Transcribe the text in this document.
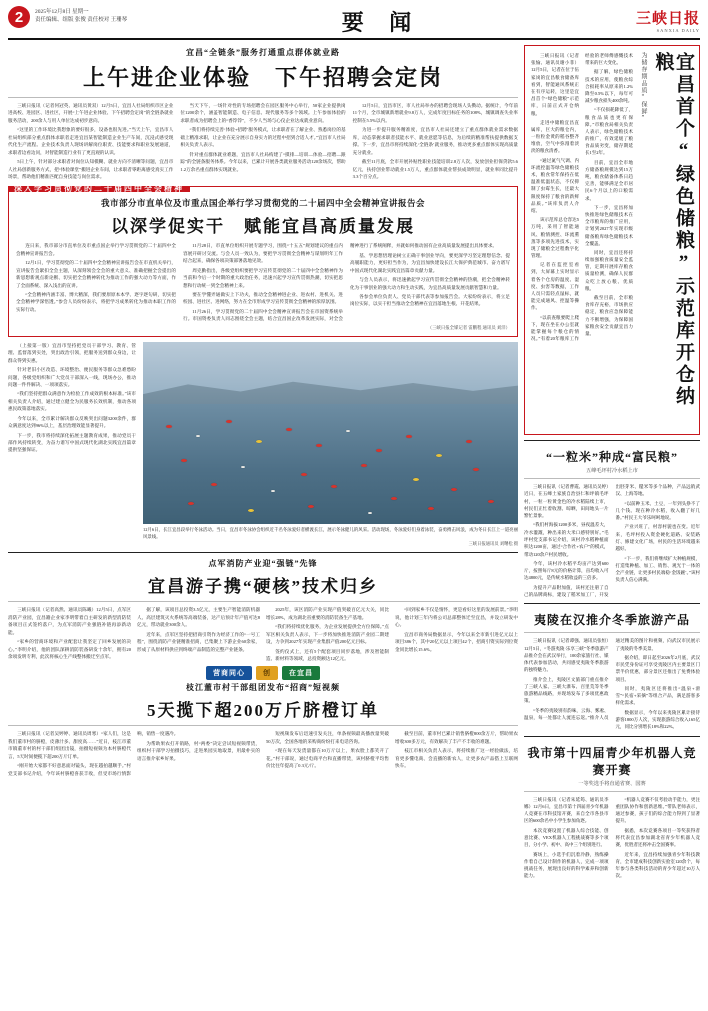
2	2025年12月8日 星期一
责任编辑、组版 张俊 责任校对 王珊琴	要 闻	三峡日报
SANXIA DAILY
宜昌“全链条”服务打通重点群体就业路
上午进企业体验　下午招聘会定岗

三峡日报讯（记者何冠英、通讯员黄双）12月5日，宜昌人社局组织市区企业进高校、进园区、进社区，开展“上午进企业体验、下午招聘会定岗”的全链条就业服务活动，200余人与用人单位达成初步意向。

“这里的工作环境比我想象的要好很多，设备也很先进。”当天上午，宜昌市人社局组织部分重点群体求职者走进宜昌某智能制造企业生产车间，沉浸式感受现代化生产流程。企业技术负责人现场讲解岗位职责、技能要求和职业发展通道，求职者边看边问，对智能制造行业有了更直观的认识。

5日上午，针对部分求职者对岗位认知模糊、就业方向不清晰等问题，宜昌市人社局创新服务方式，把“体验课堂”搬进企业车间，让求职者零距离感受真实工作场景，帮助他们精准匹配自身技能与岗位需求。

当天下午，一场针对性的专场招聘会在园区服务中心举行，50家企业提供岗位1200余个，涵盖智能制造、电子信息、现代服务等多个领域。上午参加体验的求职者成为招聘会上的“香饽饽”，不少人当场与心仪企业达成就业意向。

“我们将持续完善‘体验+招聘’服务模式，让求职者在了解企业、熟悉岗位的基础上精准求职，让企业在充分展示自身实力的过程中招到合适人才。”宜昌市人社局相关负责人表示。

针对重点群体就业难题，宜昌市人社局构建了“摸排—培训—体验—招聘—跟踪”的全链条服务体系。今年以来，已累计开展各类就业服务活动120余场次，帮助1.2万余名重点群体实现就业。

12月5日，宜昌市区，市人社局举办的招聘会现场人头攒动。据统计，今年前11个月，全市城镇新增就业9.8万人，完成年度目标任务的108%，城镇调查失业率控制在5.5%以内。

为进一步提升服务精准度，宜昌市人社局还建立了重点群体就业需求数据库，动态掌握求职者技能水平、就业意愿等信息，为后续的精准帮扶提供数据支撑。下一步，宜昌市将持续深化‘全链条’就业服务，推动更多重点群体实现高质量充分就业。

截至11月底，全市开展补贴性职业技能培训2.8万人次，发放创业担保贷款5.6亿元，扶持创业带动就业1.5万人，重点群体就业帮扶成效明显，就业率同比提升3.3个百分点。

深入学习贯彻党的二十届四中全会精神
我市部分市直单位及市重点国企举行学习贯彻党的二十届四中全会精神宣讲报告会
以深学促实干　赋能宜昌高质量发展

连日来，我市部分市直单位及市重点国企举行学习贯彻党的二十届四中全会精神宣讲报告会。

12月1日，学习贯彻党的二十届四中全会精神宣讲报告会在市直机关举行，宣讲报告会紧扣全会主题，从深刻领会全会的重大意义、准确把握全会提出的新思想新观点新论断、切实把全会精神转化为推动工作的强大动力等方面，作了全面系统、深入浅出的宣讲。

“全会精神内涵丰富、博大精深，我们要原原本本学、逐字逐句研，切实把全会精神学深悟透。”参会人员纷纷表示，将把学习成果转化为推动本职工作的实际行动。

11月28日，市直单位组织开展专题学习，围绕“十五五”规划建议的重点内容展开研讨交流。与会人员一致认为，要把学习贯彻全会精神与谋划明年工作结合起来，确保各项决策部署落地见效。

周克勤指出，各级党组织要把学习宣传贯彻党的二十届四中全会精神作为当前和今后一个时期的重大政治任务，迅速兴起学习宣传贯彻热潮，切实把思想和行动统一到全会精神上来。

要在学懂弄通做实上下功夫，推动全会精神进企业、进农村、进机关、进校园、进社区、进网络，努力在全市形成学习宣传贯彻全会精神的浓厚氛围。

11月26日，学习贯彻党的二十届四中全会精神宣讲报告会在市国资系统举行。市国资委负责人同志围绕全会主题，结合宜昌国企改革发展实际，对全会精神进行了系统阐释，并就如何推动国有企业高质量发展提出具体要求。

基、学思想悟理论树立正确干事创业导向，要更深学习坚定理想信念、提高履职能力，更好担当作为，为宜昌加快建设长江大保护典范城市、奋力谱写中国式现代化湖北实践宜昌篇章贡献力量。

与会人员表示，将迅速掀起学习宣传贯彻全会精神的热潮，把全会精神转化为干事创业的强大动力和生动实践，为宜昌高质量发展贡献智慧和力量。

各参会单位负责人、党员干部代表等参加报告会。大家纷纷表示，将立足岗位实际，以实干担当推动全会精神在宜昌落地生根、开花结果。

（三峡日报全媒记者 雷鹏程 通讯员 刘洋）

（上接第一版）宜昌市坚持把党员干部学习、教育、管理、监督落到实处，突出政治引领，把服务送到群众身边，让群众得到实惠。

针对老旧小区改造、环境整治、便民服务等群众急难愁盼问题，各级党组织和广大党员干部深入一线，现场办公，推动问题一件件解决、一项项落实。

“我们坚持把群众满意作为检验工作成效的根本标准。”该市相关负责人介绍，通过建立健全为民服务长效机制，推动各项惠民政策落地落实。

今年以来，全市累计解决群众反映突出问题3200余件，群众满意度达到96%以上，基层治理效能显著提升。

下一步，我市将持续深化拓展主题教育成果，推动党员干部作风持续转变，为奋力谱写中国式现代化湖北实践宜昌篇章提供坚强保证。

12月6日，长江宜昌段举行冬泳活动。当日，宜昌市冬泳协会组织近千名冬泳爱好者横渡长江，展示冬泳健儿的风采。活动现场，冬泳爱好们身着泳装，奋勇搏击风浪，成为冬日长江上一道亮丽风景线。
三峡日报通讯员 刘曙松 摄
点军消防产业迎“强链”先锋
宜昌游子携“硬核”技术归乡

三峡日报讯（记者高然、通讯员陈曦）12月5日，点军区消防产业园，宜昌籍企业家李明带着自主研发的新型消防装备项目正式签约落户，为点军消防产业强链补链再添新动能。

“家乡的营商环境和产业配套让我坚定了回乡发展的决心。”李明介绍，他的团队深耕消防装备研发十余年，拥有20余项发明专利，此次将核心生产线整体搬迁至点军。

据了解，该项目总投资3.5亿元，主要生产智能消防机器人、高层建筑灭火系统等高端装备，达产后预计年产值可达8亿元，带动就业300余人。

近年来，点军区坚持把招商引资作为经济工作的“一号工程”，围绕消防产业链精准招商，已集聚上下游企业60余家，形成了从原材料供应到终端产品制造的完整产业链条。

2025年，该区消防产业实现产值突破百亿元大关，同比增长28%，成为湖北省重要的消防装备生产基地。

“我们将持续优化服务，为企业发展提供全方位保障。”点军区相关负责人表示，下一步将加快推进消防产业园二期建设，力争到2027年实现产业集群产值200亿元目标。

签约仪式上，还有5个配套项目同步落地，涉及智能制造、新材料等领域，总投资额达12亿元。

“回到家乡不仅是情怀，更是看好这里的发展前景。”李明说，他计划三年内将公司总部整体迁至宜昌，并设立研发中心。

宜昌市商务局数据显示，今年以来全市新引进亿元以上项目386个，其中20亿元以上项目42个，招商引资实际到位资金同比增长15.6%。

营商同心	创	在宜昌
枝江董市村干部组团发布“招商”短视频
5天揽下超200万斤脐橙订单

三峡日报讯（记者吴婷婷、通讯员周寒）“家人们，这是我们董市村的脐橙，皮薄汁多、甜度高……”近日，枝江市董市镇董市村的村干部们组团出镜，拍摄短视频为本村脐橙代言，5天时间便揽下超200万斤订单。

“刚开始大家都不好意思面对镜头，现在越拍越顺手。”村党支部书记介绍，今年该村脐橙喜获丰收，但受市场行情影响，销售一度遇冷。

为帮助果农打开销路，村“两委”决定尝试短视频带货，组织村干部学习拍摄技巧，走进果园实地取景，用最朴实的语言推介家乡好果。

短视频发布后迅速引发关注，单条视频最高播放量突破50万次，全国各地的采购商纷纷打来电话咨询。

“现在每天发货量都在10万斤以上，果农脸上都笑开了花。”村干部说，通过电商平台和直播带货，该村脐橙平均售价比往年提高了0.3元/斤。

截至目前，董市村已累计销售脐橙800余万斤，帮助果农增收300多万元，有效解决了丰产不丰收的难题。

枝江市相关负责人表示，将持续推广这一经验做法，培育更多懂电商、会直播的新农人，让更多农产品搭上互联网快车。

宜昌首个“绿色储粮”示范库开仓纳粮
为储存期品质“保鲜”

三峡日报讯（记者张愉、通讯员谢小菲）12月5日，记者在位于伍家岗的宜昌粮食储备库看到，智能通风系统正在有序运转，这里是宜昌首个“绿色储粮”示范库，日前正式开仓纳粮。

走进中储粮宜昌直属库，巨大的粮仓内，一粒粒金黄的稻谷整齐堆放，空气中弥漫着淡淡的粮食清香。

“通过氮气气调、内环流控温等绿色储粮技术，粮食常年保持在低温准低温状态，不仅抑制了虫霉生长，还最大限度保持了粮食的新鲜品质。”该库负责人介绍。

该示范库总仓容达5万吨，采用了智能通风、粮情测控、环流熏蒸等多项先进技术，实现了储粮全过程数字化管理。

记者在监控室看到，大屏幕上实时显示着各个仓房的温度、湿度、虫害等数据，工作人员只需轻点鼠标，就能完成通风、控温等操作。

“以前查粮要爬上爬下，现在坐在办公室就能掌握每个粮仓的情况。”有着20年粮库工作经验的老师傅感慨技术带来的巨大变化。

据了解，绿色储粮技术的应用，使粮食综合损耗率从原来的1.2%降至0.5%以下，每年可减少粮食损失400余吨。

“不仅损耗降低了，粮食品质也更有保障。”市粮食局相关负责人表示，绿色储粮技术的推广，有效延缓了粮食品质劣变，储存期延长1至2年。

目前，宜昌全市地方储备粮规模达到15万吨，粮食储备体系日趋完善，能够满足全市居民6个月以上的口粮需求。

下一步，宜昌将加快推进绿色储粮技术在全市粮库的推广应用，计划到2027年实现市级储备粮库绿色储粮技术全覆盖。

同时，宜昌还将持续加强粮食质量安全监管，定期开展库存粮食质量检测，确保人民群众吃上放心粮、优质粮。

截至目前，全市粮食库存充裕，市场供应稳定，粮食应急保障能力不断增强，为保障国家粮食安全贡献宜昌力量。

“一粒米”种成“富民粮”
五峰毛坪村冷水稻上市

三峡日报讯（记者曹霞、通讯员吴婷）近日，在五峰土家族自治县仁和坪镇毛坪村，一粒一粒黄金色的冷水稻陆续上市，村民们正忙着收割、晾晒，田间地头一片繁忙景象。

“我们村海拔1200多米，昼夜温差大，冷水灌溉，种出来的大米口感特别好。”毛坪村党支部书记介绍，该村冷水稻种植面积达1200亩，通过“合作社+农户”的模式，带动120余户村民增收。

今年，该村冷水稻平均亩产达到600斤，按照每斤8元的价格计算，亩均收入可达4800元，是传统水稻收益的三倍多。

为提升产品附加值，该村还注册了自己的品牌商标，建设了稻米加工厂，开发出胚芽米、糙米等多个品种，产品远销武汉、上海等地。

“以前种玉米、土豆，一年到头挣不了几个钱。现在种冷水稻，收入翻了好几番。”村民王大爷乐呵呵地说。

产业兴旺了，村容村貌也在变。近年来，毛坪村投入资金硬化道路、安装路灯、修建文化广场，村民的生活环境越来越好。

“下一步，我们将继续扩大种植规模，打造集种植、加工、销售、观光于一体的全产业链，让更多村民端稳‘金饭碗’。”该村负责人信心满满。

夷陵在汉推介冬季旅游产品

三峡日报讯（记者谭强、通讯员张恒）12月5日，“冬游夷陵·乐享三峡”冬季旅游产品推介会在武汉举行，100余家旅行社、媒体代表参加活动，共同感受夷陵冬季旅游的独特魅力。

推介会上，夷陵区文旅部门重点推介了三峡人家、三峡大瀑布、百里荒等冬季旅游精品线路，并现场发布了多项优惠政策。

“冬季的夷陵别有韵味，云海、雾凇、温泉，每一处都让人流连忘返。”推介人员通过精美的图片和视频，向武汉市民展示了夷陵的冬季美景。

据介绍，即日起至2026年2月底，武汉市民凭身份证可享受夷陵区内主要景区门票半价优惠，部分景区还推出了免费体验项目。

同时，夷陵区还将推出“温泉+滑雪”“民宿+采摘”等组合产品，满足游客多样化需求。

数据显示，今年以来夷陵区累计接待游客1800万人次，实现旅游综合收入165亿元，同比分别增长18%和22%。

我市第十四届青少年机器人竞赛开赛
一等奖选手将直通省赛、国赛

三峡日报讯（记者朱延筠、通讯员李娜）12月6日，宜昌市第十四届青少年机器人竞赛在市科技馆开赛，来自全市各县市区的600余名中小学生参加角逐。

本次竞赛设置了机器人综合技能、创意比赛、VEX机器人工程挑战赛等多个项目，分小学、初中、高中三个组别进行。

赛场上，小选手们沉着冷静，熟练操作着自己设计制作的机器人，完成一项项挑战任务，展现出良好的科学素养和创新能力。

“机器人竞赛不仅考验动手能力，更注重团队协作和创新思维。”带队老师表示，通过参赛，孩子们的综合能力得到了显著提升。

据悉，本次竞赛各项目一等奖获得者将代表宜昌参加湖北省青少年机器人竞赛，优胜者还将冲击全国赛事。

近年来，宜昌持续加强青少年科技教育，全市建成科技创新实验室120余个，每年参与各类科技活动的青少年超过10万人次。
